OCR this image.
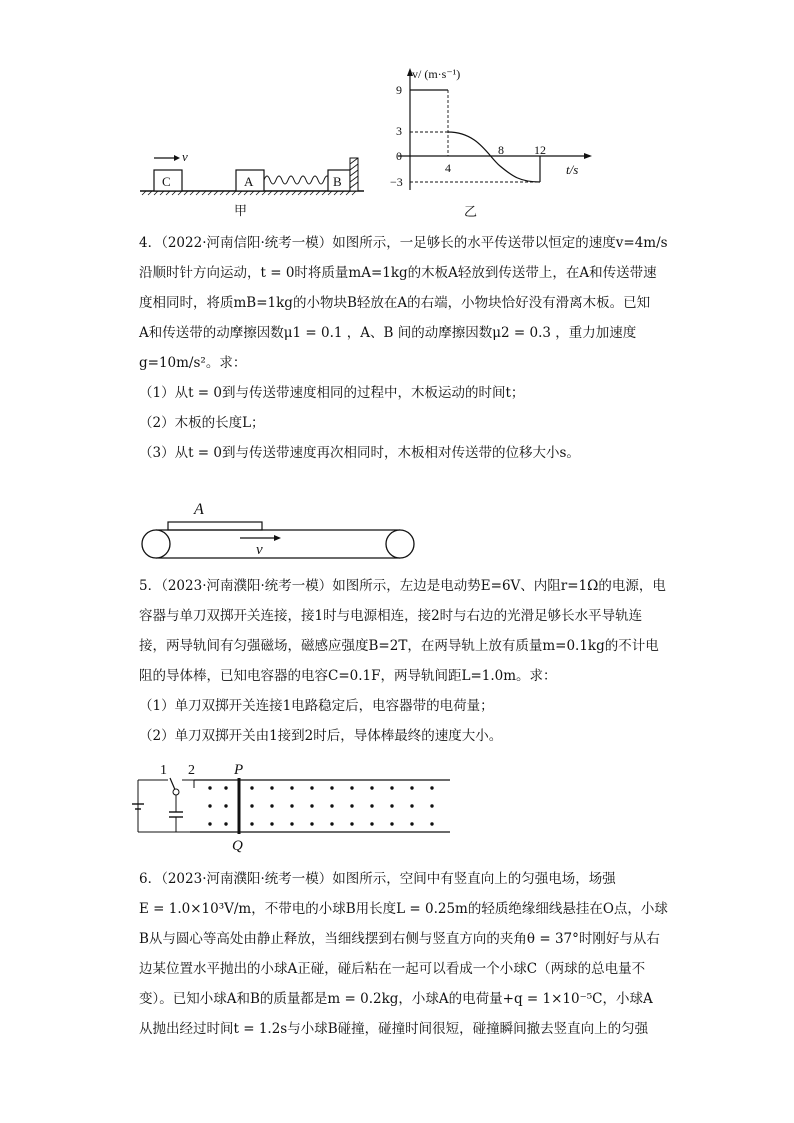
v
C	A	B
甲
v/ (m·s⁻¹)
t/s
9
3
0
−3
4
8	12
乙
4．（2022·河南信阳·统考一模）如图所示，一足够长的水平传送带以恒定的速度v=4m/s
沿顺时针方向运动，t = 0时将质量mA=1kg的木板A轻放到传送带上，在A和传送带速
度相同时，将质mB=1kg的小物块B轻放在A的右端，小物块恰好没有滑离木板。已知
A和传送带的动摩擦因数μ1 = 0.1 ，A、B 间的动摩擦因数μ2 = 0.3 ，重力加速度
g=10m/s²。求：
（1）从t = 0到与传送带速度相同的过程中，木板运动的时间t；
（2）木板的长度L；
（3）从t = 0到与传送带速度再次相同时，木板相对传送带的位移大小s。
A
v
5．（2023·河南濮阳·统考一模）如图所示，左边是电动势E=6V、内阻r=1Ω的电源，电
容器与单刀双掷开关连接，接1时与电源相连，接2时与右边的光滑足够长水平导轨连
接，两导轨间有匀强磁场，磁感应强度B=2T，在两导轨上放有质量m=0.1kg的不计电
阻的导体棒，已知电容器的电容C=0.1F，两导轨间距L=1.0m。求：
（1）单刀双掷开关连接1电路稳定后，电容器带的电荷量；
（2）单刀双掷开关由1接到2时后，导体棒最终的速度大小。
1 2	P
Q
6．（2023·河南濮阳·统考一模）如图所示，空间中有竖直向上的匀强电场，场强
E = 1.0×10³V/m，不带电的小球B用长度L = 0.25m的轻质绝缘细线悬挂在O点，小球
B从与圆心等高处由静止释放，当细线摆到右侧与竖直方向的夹角θ = 37°时刚好与从右
边某位置水平抛出的小球A正碰，碰后粘在一起可以看成一个小球C（两球的总电量不
变）。已知小球A和B的质量都是m = 0.2kg，小球A的电荷量+q = 1×10⁻⁵C，小球A
从抛出经过时间t = 1.2s与小球B碰撞，碰撞时间很短，碰撞瞬间撤去竖直向上的匀强
